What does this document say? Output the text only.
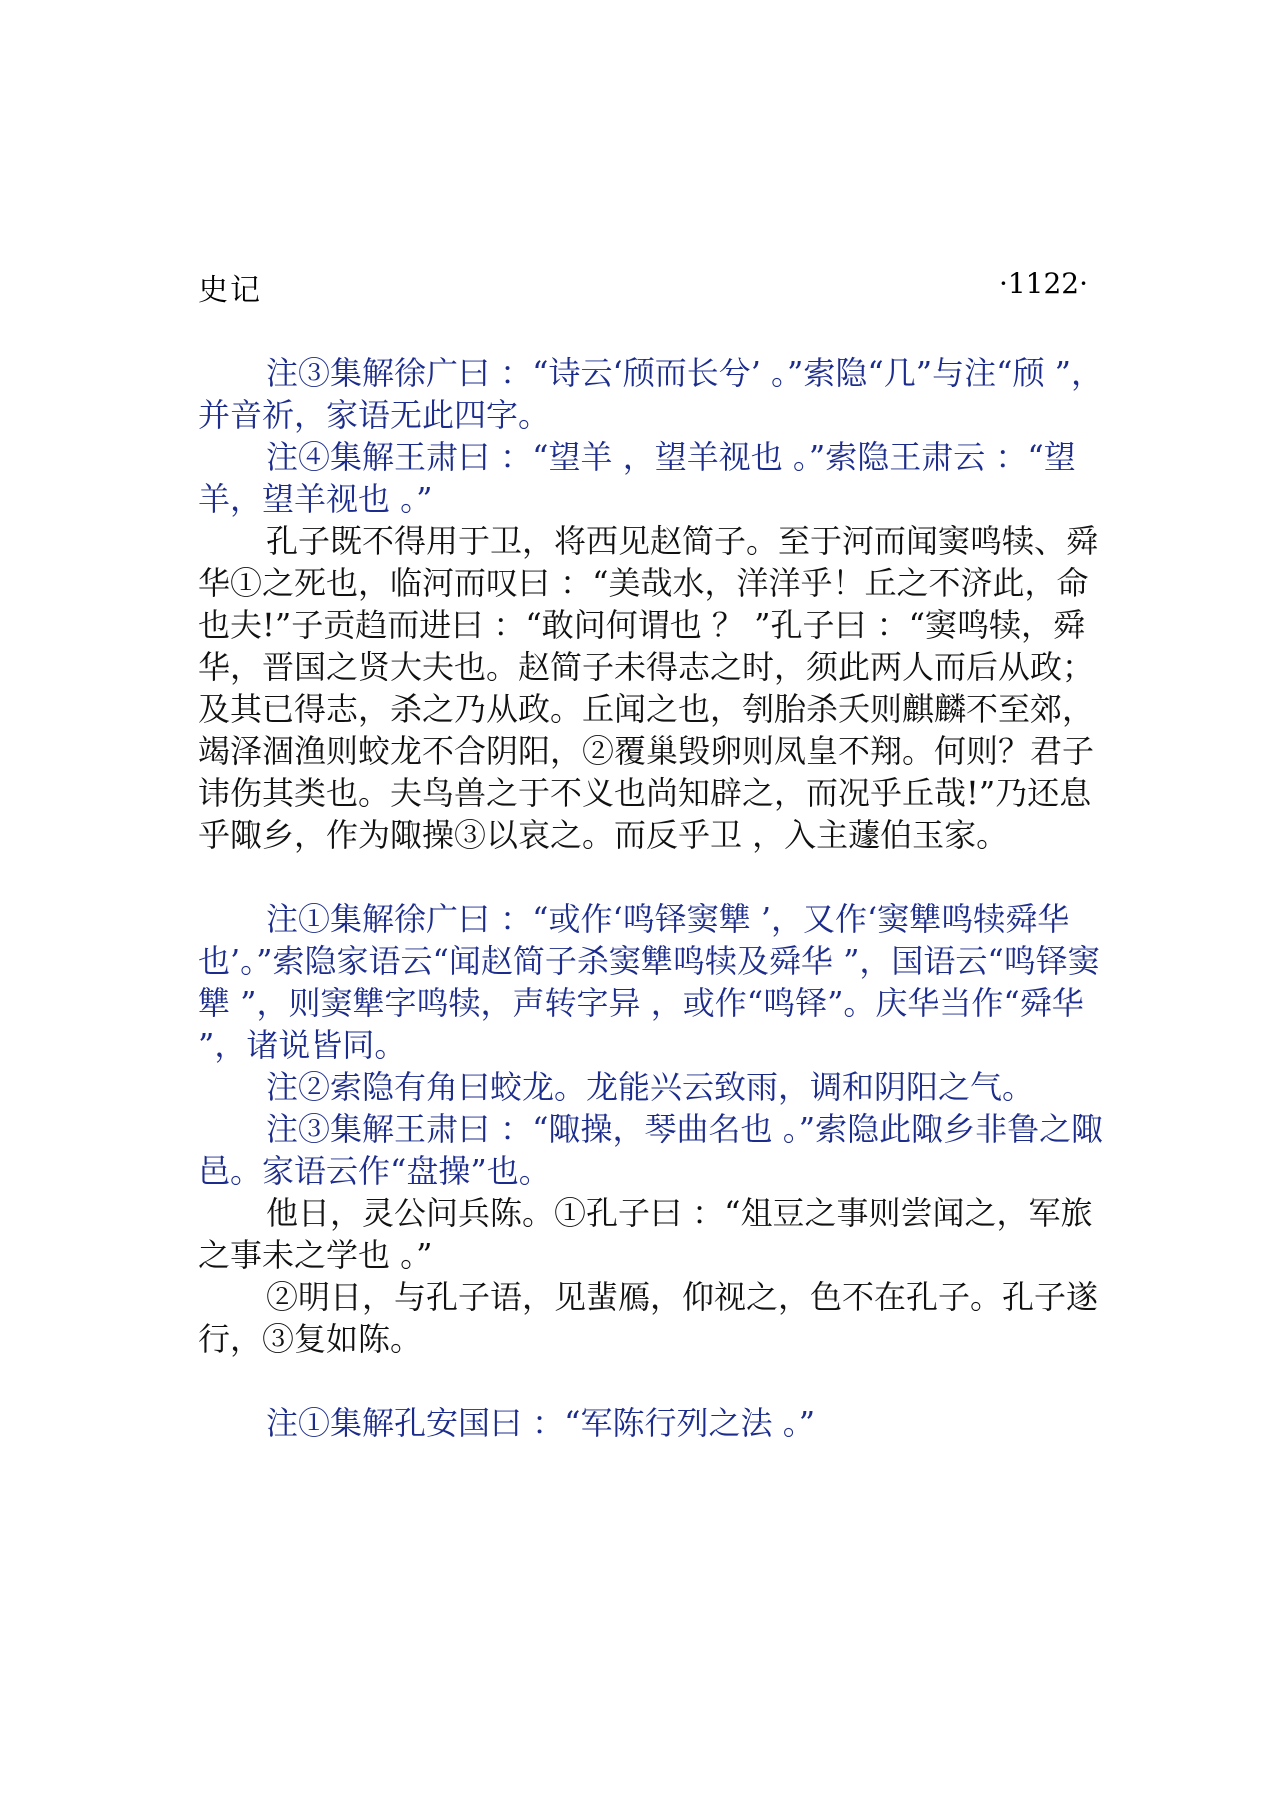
史记	·1122·

注③集解徐广曰 ：“诗云‘颀而长兮’ 。”索隐“几”与注“颀 ”，并音祈，家语无此四字。

注④集解王肃曰 ：“望羊 ，望羊视也 。”索隐王肃云 ：“望羊，望羊视也 。”

孔子既不得用于卫，将西见赵简子。至于河而闻窦鸣犊、舜华①之死也，临河而叹曰 ：“美哉水，洋洋乎！丘之不济此，命也夫!”子贡趋而进曰 ：“敢问何谓也 ？ ”孔子曰 ：“窦鸣犊，舜华，晋国之贤大夫也。赵简子未得志之时，须此两人而后从政；及其已得志，杀之乃从政。丘闻之也，刳胎杀夭则麒麟不至郊，竭泽涸渔则蛟龙不合阴阳，②覆巢毁卵则凤皇不翔。何则？君子讳伤其类也。夫鸟兽之于不义也尚知辟之，而况乎丘哉!”乃还息乎陬乡，作为陬操③以哀之。而反乎卫 ，入主蘧伯玉家。

注①集解徐广曰 ：“或作‘鸣铎窦犨 ’，又作‘窦犨鸣犊舜华也’。”索隐家语云“闻赵简子杀窦犨鸣犊及舜华 ”，国语云“鸣铎窦犨 ”，则窦犨字鸣犊，声转字异 ，或作“鸣铎”。庆华当作“舜华 ”，诸说皆同。

注②索隐有角曰蛟龙。龙能兴云致雨，调和阴阳之气。

注③集解王肃曰 ：“陬操，琴曲名也 。”索隐此陬乡非鲁之陬邑。家语云作“盘操”也。

他日，灵公问兵陈。①孔子曰 ：“俎豆之事则尝闻之，军旅之事未之学也 。”

②明日，与孔子语，见蜚鴈，仰视之，色不在孔子。孔子遂行，③复如陈。

注①集解孔安国曰 ：“军陈行列之法 。”
